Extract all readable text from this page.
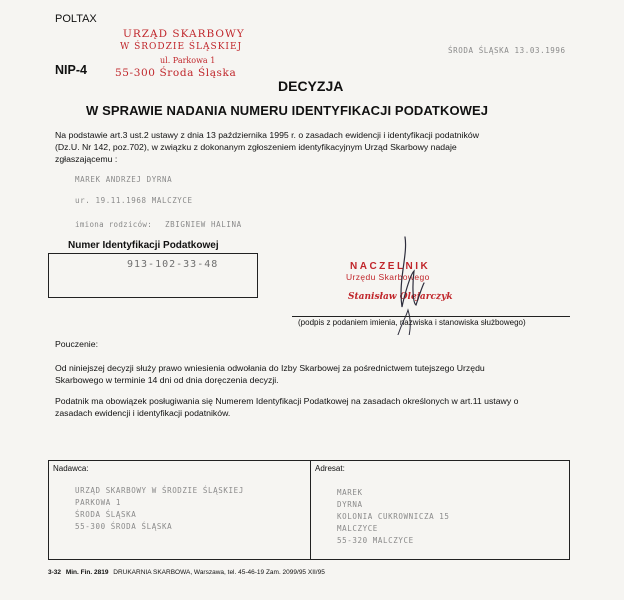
POLTAX
NIP-4
URZĄD SKARBOWY
W ŚRODZIE ŚLĄSKIEJ
ul. Parkowa 1
55-300 Środa Śląska
ŚRODA ŚLĄSKA 13.03.1996
DECYZJA
W SPRAWIE NADANIA NUMERU IDENTYFIKACJI PODATKOWEJ
Na podstawie art.3 ust.2 ustawy z dnia 13 października 1995 r. o zasadach ewidencji i identyfikacji podatników
(Dz.U. Nr 142, poz.702), w związku z dokonanym zgłoszeniem identyfikacyjnym Urząd Skarbowy nadaje
zgłaszającemu :
MAREK ANDRZEJ DYRNA
ur. 19.11.1968 MALCZYCE
imiona rodziców: ZBIGNIEW HALINA
Numer Identyfikacji Podatkowej
913-102-33-48	NACZELNIK
Urzędu Skarbowego
Stanisław Olejarczyk
(podpis z podaniem imienia, nazwiska i stanowiska służbowego)
Pouczenie:
Od niniejszej decyzji służy prawo wniesienia odwołania do Izby Skarbowej za pośrednictwem tutejszego Urzędu
Skarbowego w terminie 14 dni od dnia doręczenia decyzji.
Podatnik ma obowiązek posługiwania się Numerem Identyfikacji Podatkowej na zasadach określonych w art.11 ustawy o
zasadach ewidencji i identyfikacji podatników.
Nadawca:
URZĄD SKARBOWY W ŚRODZIE ŚLĄSKIEJ
PARKOWA 1
ŚRODA ŚLĄSKA
55-300 ŚRODA ŚLĄSKA
Adresat:
MAREK
DYRNA
KOLONIA CUKROWNICZA 15
MALCZYCE
55-320 MALCZYCE
3-32 Min. Fin. 2819 DRUKARNIA SKARBOWA, Warszawa, tel. 45-46-19 Zam. 2099/95 XII/95
